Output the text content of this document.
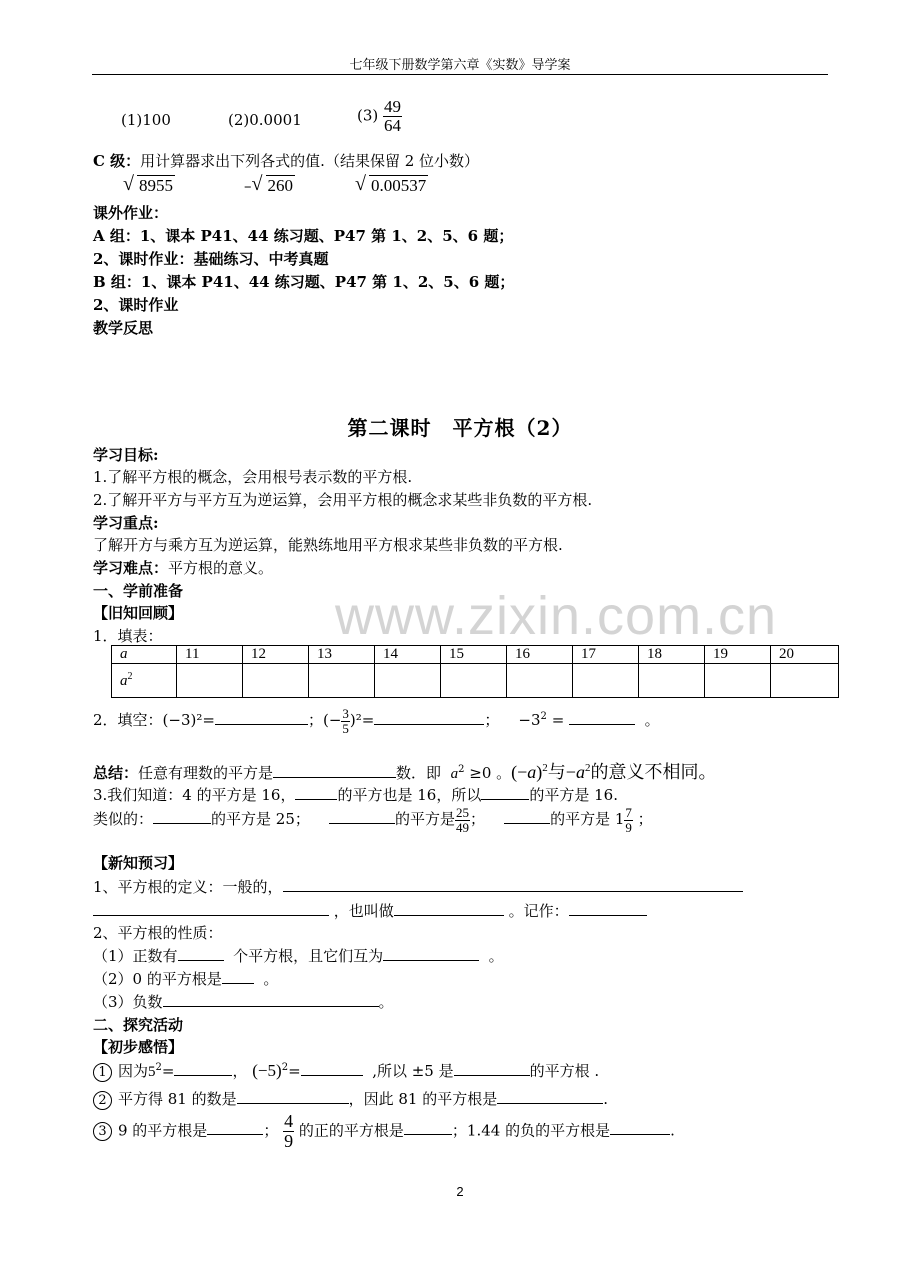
七年级下册数学第六章《实数》导学案
www.zixin.com.cn
(1)100	(2)0.0001	$(3) \frac{49}{64}$
C 级：用计算器求出下列各式的值.（结果保留 2 位小数）
√ 8955	– √ 260	√ 0.00537
课外作业：
A 组：1、课本 P41、44 练习题、P47 第 1、2、5、6 题；
2、课时作业：基础练习、中考真题
B 组：1、课本 P41、44 练习题、P47 第 1、2、5、6 题；
2、课时作业
教学反思
第二课时　平方根（2）
学习目标:
1.了解平方根的概念，会用根号表示数的平方根.
2.了解开平方与平方互为逆运算，会用平方根的概念求某些非负数的平方根.
学习重点:
了解开方与乘方互为逆运算，能熟练地用平方根求某些非负数的平方根.
学习难点：平方根的意义。
一、学前准备
【旧知回顾】
1．填表：
a	11	12	13	14	15	16	17	18	19	20
$a^2$										
2．填空：(−3)²=	；(− $\frac{3}{5} )^2=$	；    $-3^2$ =	。
总结：任意有理数的平方是	数．即 $a^2 \ge 0$ 。$(-a)^2$与$-a^2$的意义不相同。
3.我们知道：4 的平方是 16，	的平方也是 16，所以	的平方是 16.
类似的：	的平方是 25；	的平方是 $\frac{25}{49}$ ；	的平方是 $1 \frac{7}{9}$ ；
【新知预习】
1、平方根的定义：一般的，
，也叫做	。记作：
2、平方根的性质：
（1）正数有	个平方根，且它们互为	。
（2）0 的平方根是	。
（3）负数	。
二、探究活动
【初步感悟】
1 因为$5^2=$	， $(-5)^2=$	,所以 ±5 是	的平方根 .
2 平方得 81 的数是	，因此 81 的平方根是	.
3 9 的平方根是	； $\frac{4}{9}$ 的正的平方根是	；1.44 的负的平方根是	.
2
